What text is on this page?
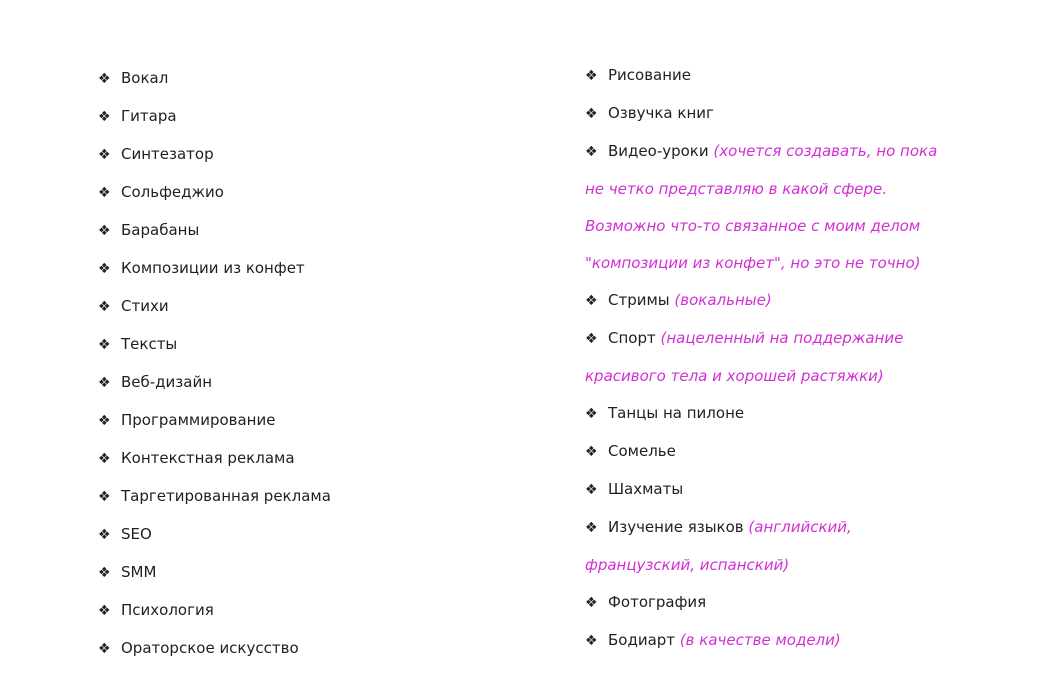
❖ Вокал
❖ Гитара
❖ Синтезатор
❖ Сольфеджио
❖ Барабаны
❖ Композиции из конфет
❖ Стихи
❖ Тексты
❖ Веб-дизайн
❖ Программирование
❖ Контекстная реклама
❖ Таргетированная реклама
❖ SEO
❖ SMM
❖ Психология
❖ Ораторское искусство
❖ Рисование
❖ Озвучка книг
❖ Видео-уроки (хочется создавать, но пока
не четко представляю в какой сфере.
Возможно что-то связанное с моим делом
"композиции из конфет", но это не точно)
❖ Стримы (вокальные)
❖ Спорт (нацеленный на поддержание
красивого тела и хорошей растяжки)
❖ Танцы на пилоне
❖ Сомелье
❖ Шахматы
❖ Изучение языков (английский,
французский, испанский)
❖ Фотография
❖ Бодиарт (в качестве модели)
